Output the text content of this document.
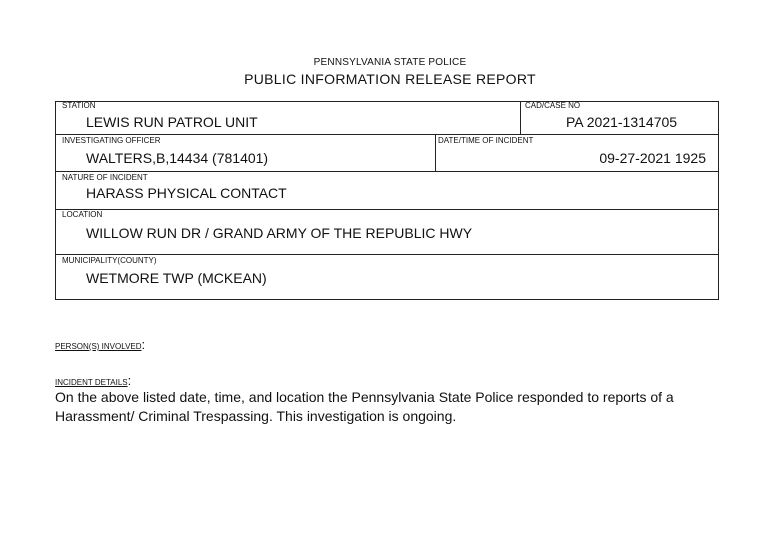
PENNSYLVANIA STATE POLICE
PUBLIC INFORMATION RELEASE REPORT
STATION
LEWIS RUN PATROL UNIT
CAD/CASE NO
PA 2021-1314705
INVESTIGATING OFFICER
WALTERS,B,14434 (781401)
DATE/TIME OF INCIDENT
09-27-2021 1925
NATURE OF INCIDENT
HARASS PHYSICAL CONTACT
LOCATION
WILLOW RUN DR / GRAND ARMY OF THE REPUBLIC HWY
MUNICIPALITY(COUNTY)
WETMORE TWP (MCKEAN)
PERSON(S) INVOLVED:
INCIDENT DETAILS:
On the above listed date, time, and location the Pennsylvania State Police responded to reports of a Harassment/ Criminal Trespassing. This investigation is ongoing.
